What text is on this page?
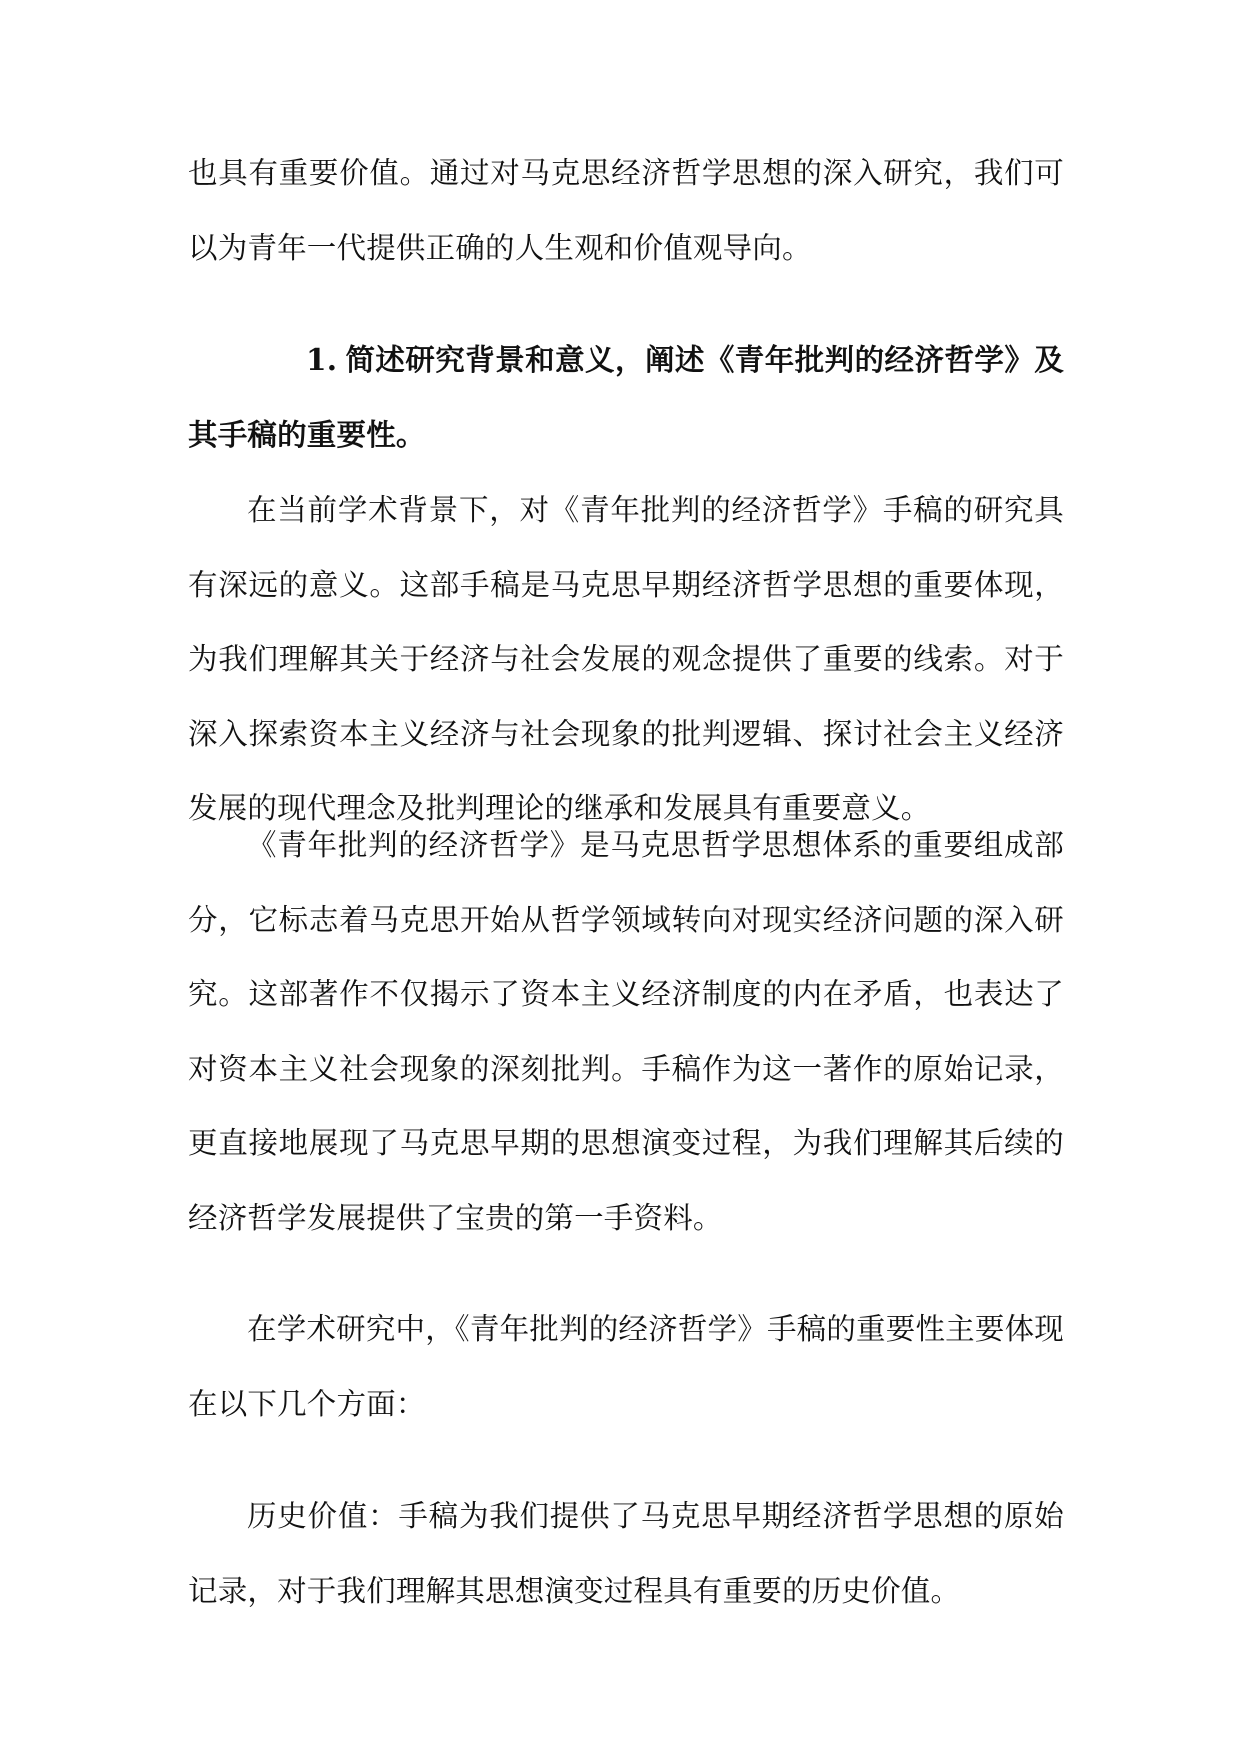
也具有重要价值。通过对马克思经济哲学思想的深入研究，我们可以为青年一代提供正确的人生观和价值观导向。

1. 简述研究背景和意义，阐述《青年批判的经济哲学》及其手稿的重要性。

在当前学术背景下，对《青年批判的经济哲学》手稿的研究具有深远的意义。这部手稿是马克思早期经济哲学思想的重要体现，为我们理解其关于经济与社会发展的观念提供了重要的线索。对于深入探索资本主义经济与社会现象的批判逻辑、探讨社会主义经济发展的现代理念及批判理论的继承和发展具有重要意义。

《青年批判的经济哲学》是马克思哲学思想体系的重要组成部分，它标志着马克思开始从哲学领域转向对现实经济问题的深入研究。这部著作不仅揭示了资本主义经济制度的内在矛盾，也表达了对资本主义社会现象的深刻批判。手稿作为这一著作的原始记录，更直接地展现了马克思早期的思想演变过程，为我们理解其后续的经济哲学发展提供了宝贵的第一手资料。

在学术研究中，《青年批判的经济哲学》手稿的重要性主要体现在以下几个方面：

历史价值：手稿为我们提供了马克思早期经济哲学思想的原始记录，对于我们理解其思想演变过程具有重要的历史价值。
